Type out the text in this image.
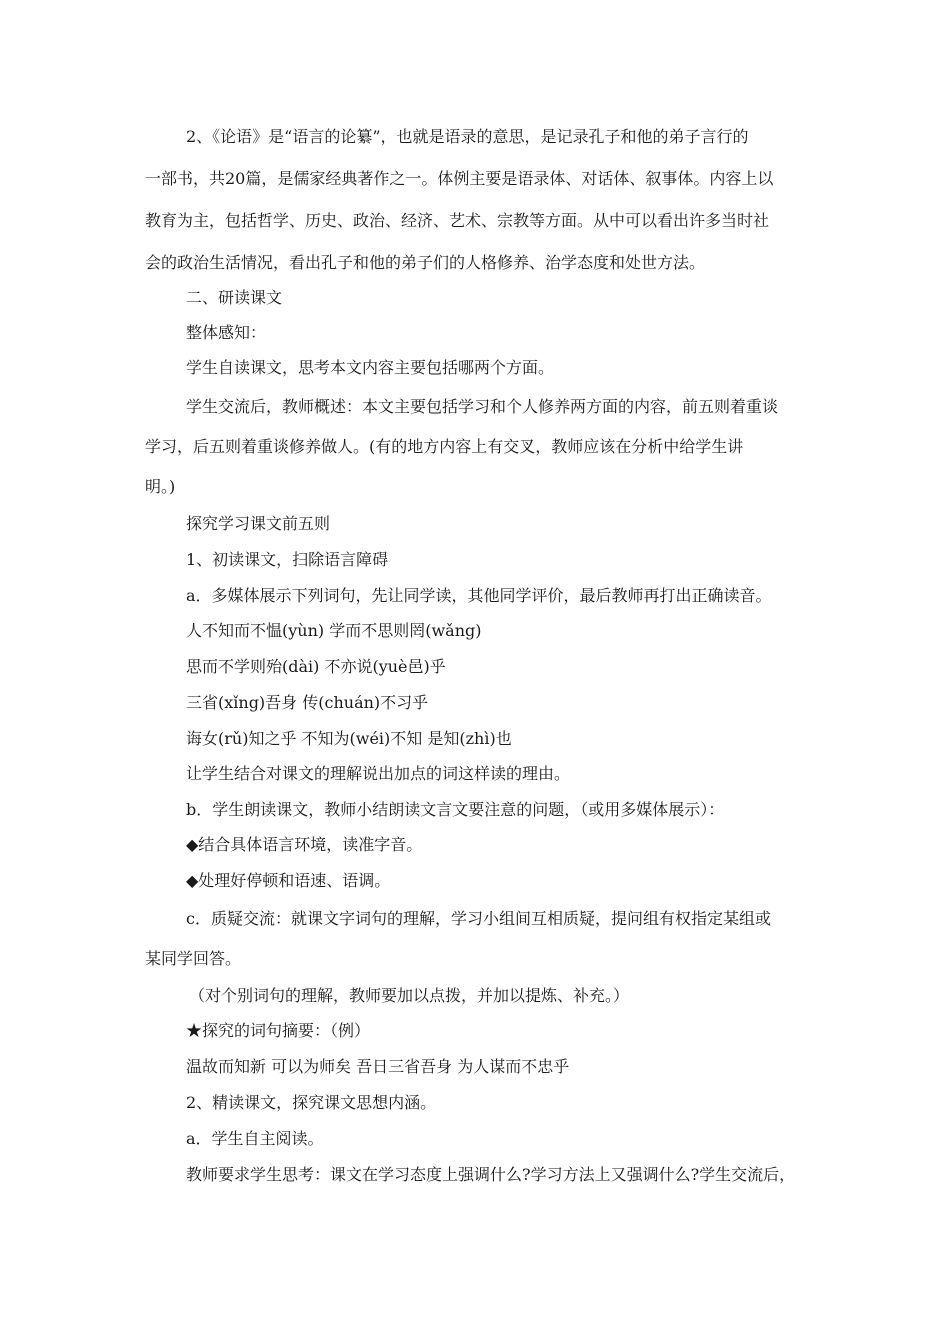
2、《论语》是“语言的论纂”，也就是语录的意思，是记录孔子和他的弟子言行的

一部书，共20篇，是儒家经典著作之一。体例主要是语录体、对话体、叙事体。内容上以

教育为主，包括哲学、历史、政治、经济、艺术、宗教等方面。从中可以看出许多当时社

会的政治生活情况，看出孔子和他的弟子们的人格修养、治学态度和处世方法。

二、研读课文

整体感知：

学生自读课文，思考本文内容主要包括哪两个方面。

学生交流后，教师概述：本文主要包括学习和个人修养两方面的内容，前五则着重谈

学习，后五则着重谈修养做人。(有的地方内容上有交叉，教师应该在分析中给学生讲

明。)

探究学习课文前五则

1、初读课文，扫除语言障碍

a．多媒体展示下列词句，先让同学读，其他同学评价，最后教师再打出正确读音。

人不知而不愠(yùn) 学而不思则罔(wǎng)

思而不学则殆(dài) 不亦说(yuè邑)乎

三省(xǐng)吾身 传(chuán)不习乎

诲女(rǔ)知之乎 不知为(wéi)不知 是知(zhì)也

让学生结合对课文的理解说出加点的词这样读的理由。

b．学生朗读课文，教师小结朗读文言文要注意的问题，（或用多媒体展示）：

◆结合具体语言环境，读准字音。

◆处理好停顿和语速、语调。

c．质疑交流：就课文字词句的理解，学习小组间互相质疑，提问组有权指定某组或

某同学回答。

（对个别词句的理解，教师要加以点拨，并加以提炼、补充。）

★探究的词句摘要：（例）

温故而知新 可以为师矣 吾日三省吾身 为人谋而不忠乎

2、精读课文，探究课文思想内涵。

a．学生自主阅读。

教师要求学生思考：课文在学习态度上强调什么?学习方法上又强调什么?学生交流后，
